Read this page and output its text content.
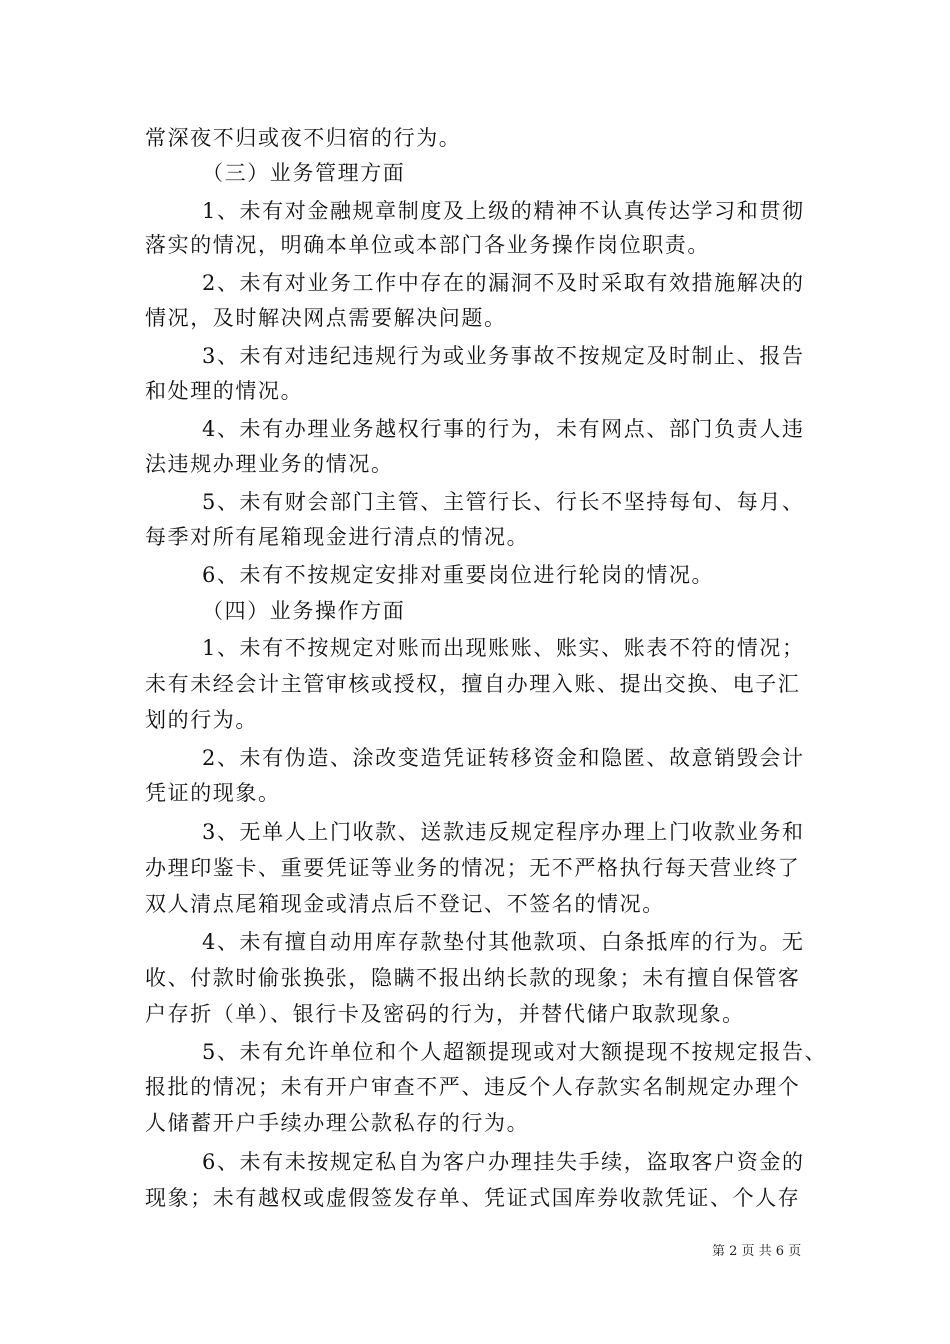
常深夜不归或夜不归宿的行为。
（三）业务管理方面
1、未有对金融规章制度及上级的精神不认真传达学习和贯彻
落实的情况，明确本单位或本部门各业务操作岗位职责。
2、未有对业务工作中存在的漏洞不及时采取有效措施解决的
情况，及时解决网点需要解决问题。
3、未有对违纪违规行为或业务事故不按规定及时制止、报告
和处理的情况。
4、未有办理业务越权行事的行为，未有网点、部门负责人违
法违规办理业务的情况。
5、未有财会部门主管、主管行长、行长不坚持每旬、每月、
每季对所有尾箱现金进行清点的情况。
6、未有不按规定安排对重要岗位进行轮岗的情况。
（四）业务操作方面
1、未有不按规定对账而出现账账、账实、账表不符的情况；
未有未经会计主管审核或授权，擅自办理入账、提出交换、电子汇
划的行为。
2、未有伪造、涂改变造凭证转移资金和隐匿、故意销毁会计
凭证的现象。
3、无单人上门收款、送款违反规定程序办理上门收款业务和
办理印鉴卡、重要凭证等业务的情况；无不严格执行每天营业终了
双人清点尾箱现金或清点后不登记、不签名的情况。
4、未有擅自动用库存款垫付其他款项、白条抵库的行为。无
收、付款时偷张换张，隐瞒不报出纳长款的现象；未有擅自保管客
户存折（单）、银行卡及密码的行为，并替代储户取款现象。
5、未有允许单位和个人超额提现或对大额提现不按规定报告、
报批的情况；未有开户审查不严、违反个人存款实名制规定办理个
人储蓄开户手续办理公款私存的行为。
6、未有未按规定私自为客户办理挂失手续，盗取客户资金的
现象；未有越权或虚假签发存单、凭证式国库券收款凭证、个人存
第 2 页 共 6 页
